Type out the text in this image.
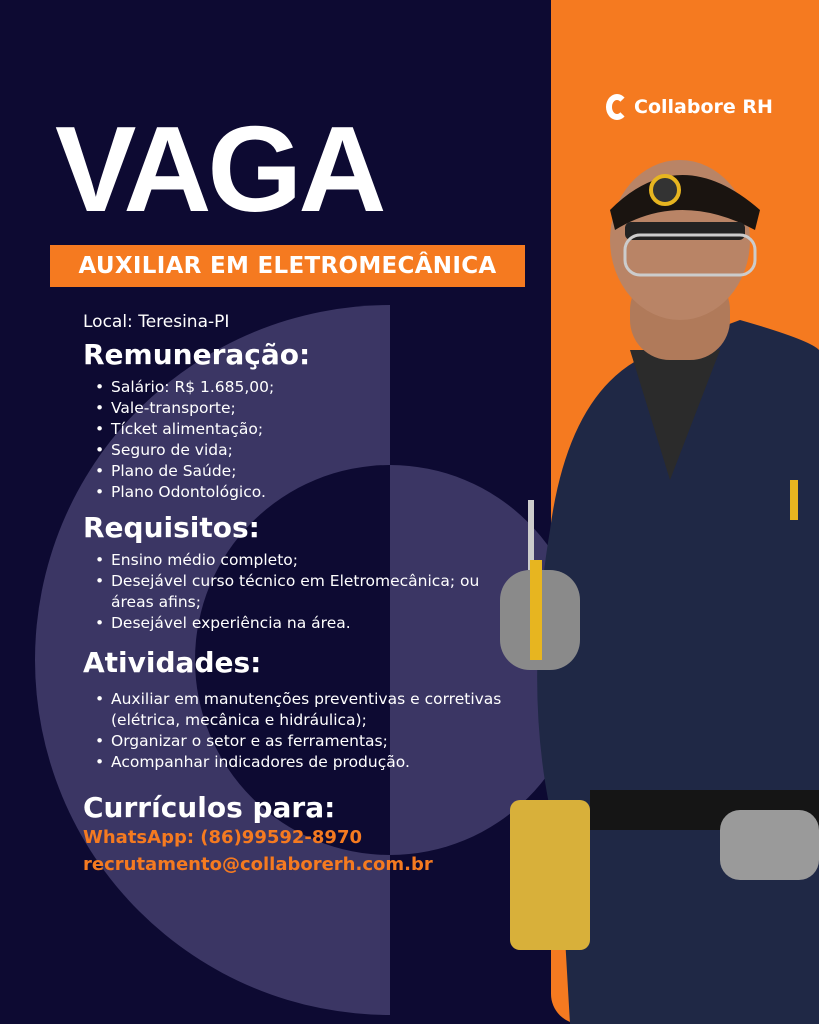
Collabore RH
VAGA
AUXILIAR EM ELETROMECÂNICA
Local: Teresina-PI
Remuneração:
• Salário: R$ 1.685,00;
• Vale-transporte;
• Tícket alimentação;
• Seguro de vida;
• Plano de Saúde;
• Plano Odontológico.
Requisitos:
• Ensino médio completo;
• Desejável curso técnico em Eletromecânica; ou áreas afins;
• Desejável experiência na área.
Atividades:
• Auxiliar em manutenções preventivas e corretivas (elétrica, mecânica e hidráulica);
• Organizar o setor e as ferramentas;
• Acompanhar indicadores de produção.
Currículos para:
WhatsApp: (86)99592-8970
recrutamento@collaborerh.com.br
